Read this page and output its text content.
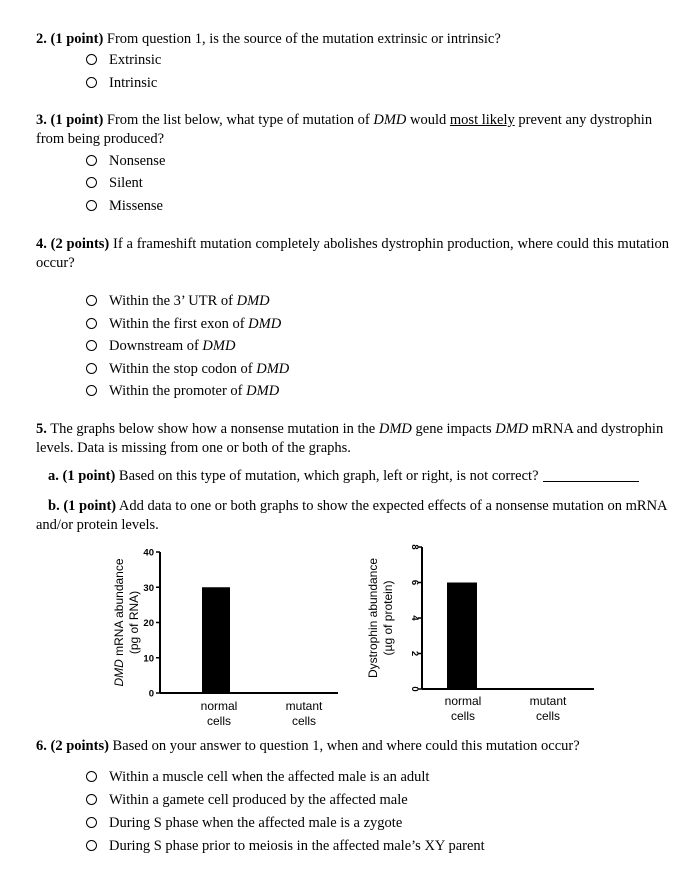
2. (1 point) From question 1, is the source of the mutation extrinsic or intrinsic?
Extrinsic
Intrinsic
3. (1 point) From the list below, what type of mutation of DMD would most likely prevent any dystrophin from being produced?
Nonsense
Silent
Missense
4. (2 points) If a frameshift mutation completely abolishes dystrophin production, where could this mutation occur?
Within the 3’ UTR of DMD
Within the first exon of DMD
Downstream of DMD
Within the stop codon of DMD
Within the promoter of DMD
5. The graphs below show how a nonsense mutation in the DMD gene impacts DMD mRNA and dystrophin levels. Data is missing from one or both of the graphs.
a. (1 point) Based on this type of mutation, which graph, left or right, is not correct?
b. (1 point) Add data to one or both graphs to show the expected effects of a nonsense mutation on mRNA and/or protein levels.
DMD mRNA abundance (pg of RNA)
0
10
20
30
40
normal
cells
mutant
cells
Dystrophin abundance (µg of protein)
0
2
4
6
8
normal
cells
mutant
cells
6. (2 points) Based on your answer to question 1, when and where could this mutation occur?
Within a muscle cell when the affected male is an adult
Within a gamete cell produced by the affected male
During S phase when the affected male is a zygote
During S phase prior to meiosis in the affected male’s XY parent
